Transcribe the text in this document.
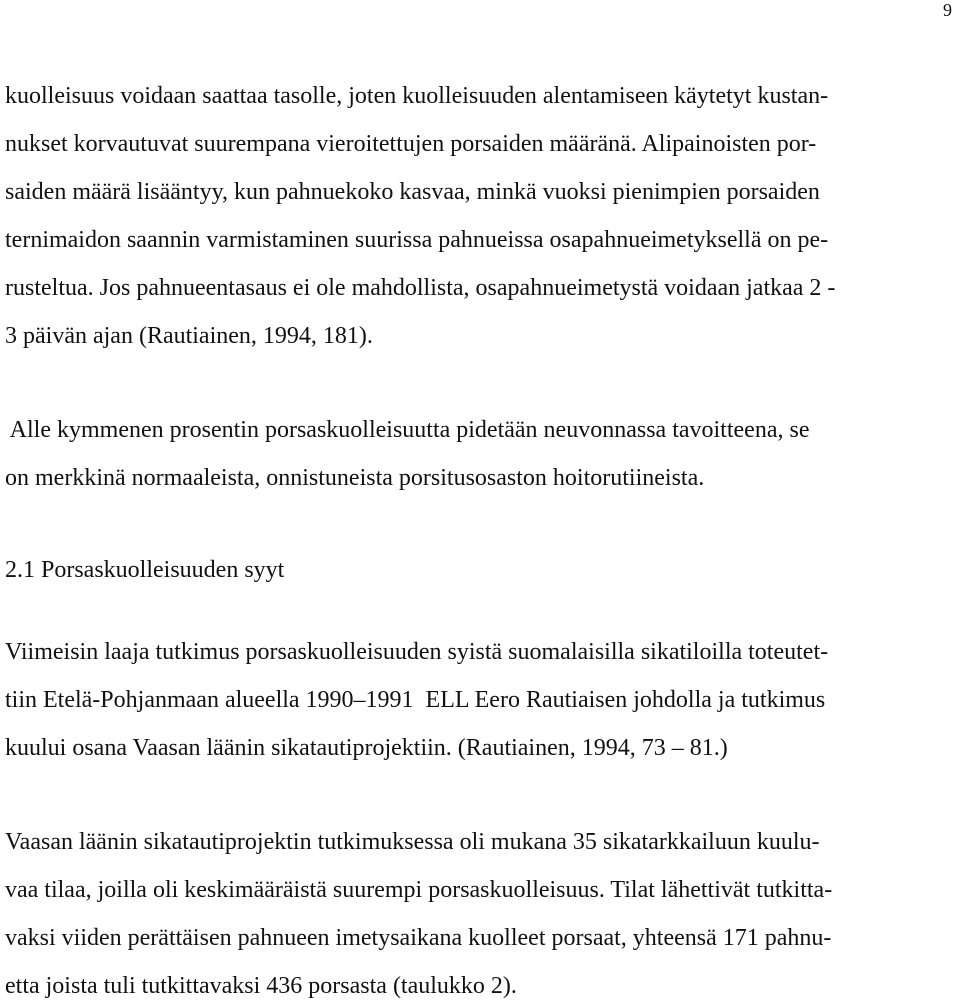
9
kuolleisuus voidaan saattaa tasolle, joten kuolleisuuden alentamiseen käytetyt kustan-
nukset korvautuvat suurempana vieroitettujen porsaiden määränä. Alipainoisten por-
saiden määrä lisääntyy, kun pahnuekoko kasvaa, minkä vuoksi pienimpien porsaiden
ternimaidon saannin varmistaminen suurissa pahnueissa osapahnueimetyksellä on pe-
rusteltua. Jos pahnueentasaus ei ole mahdollista, osapahnueimetystä voidaan jatkaa 2 -
3 päivän ajan (Rautiainen, 1994, 181).
Alle kymmenen prosentin porsaskuolleisuutta pidetään neuvonnassa tavoitteena, se
on merkkinä normaaleista, onnistuneista porsitusosaston hoitorutiineista.
2.1 Porsaskuolleisuuden syyt
Viimeisin laaja tutkimus porsaskuolleisuuden syistä suomalaisilla sikatiloilla toteutet-
tiin Etelä-Pohjanmaan alueella 1990–1991  ELL Eero Rautiaisen johdolla ja tutkimus
kuului osana Vaasan läänin sikatautiprojektiin. (Rautiainen, 1994, 73 – 81.)
Vaasan läänin sikatautiprojektin tutkimuksessa oli mukana 35 sikatarkkailuun kuulu-
vaa tilaa, joilla oli keskimääräistä suurempi porsaskuolleisuus. Tilat lähettivät tutkitta-
vaksi viiden perättäisen pahnueen imetysaikana kuolleet porsaat, yhteensä 171 pahnu-
etta joista tuli tutkittavaksi 436 porsasta (taulukko 2).
